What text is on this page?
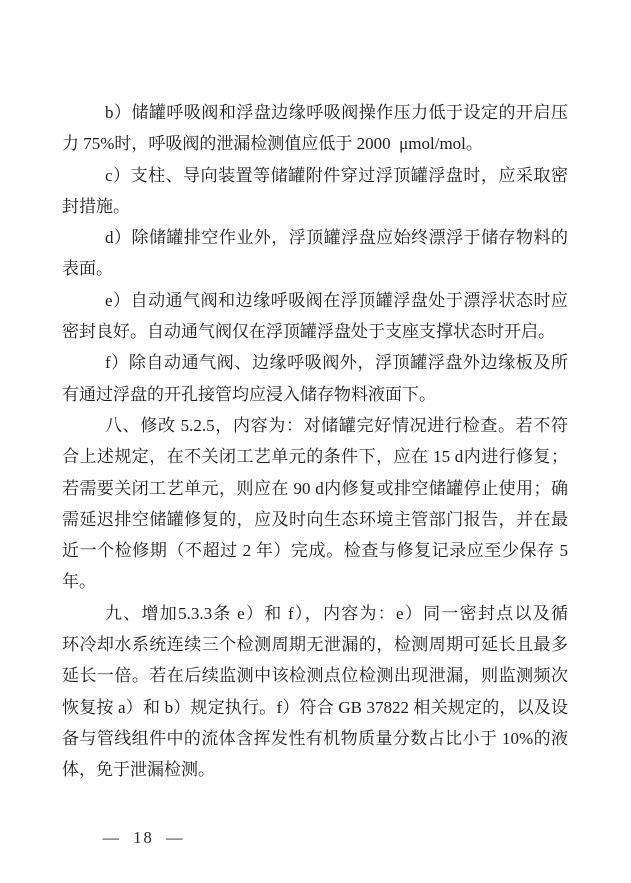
b）储罐呼吸阀和浮盘边缘呼吸阀操作压力低于设定的开启压
力 75%时，呼吸阀的泄漏检测值应低于 2000  μmol/mol。
c）支柱、导向装置等储罐附件穿过浮顶罐浮盘时，应采取密
封措施。
d）除储罐排空作业外，浮顶罐浮盘应始终漂浮于储存物料的
表面。
e）自动通气阀和边缘呼吸阀在浮顶罐浮盘处于漂浮状态时应
密封良好。自动通气阀仅在浮顶罐浮盘处于支座支撑状态时开启。
f）除自动通气阀、边缘呼吸阀外，浮顶罐浮盘外边缘板及所
有通过浮盘的开孔接管均应浸入储存物料液面下。
八、修改 5.2.5，内容为：对储罐完好情况进行检查。若不符
合上述规定，在不关闭工艺单元的条件下，应在 15 d内进行修复；
若需要关闭工艺单元，则应在 90 d内修复或排空储罐停止使用；确
需延迟排空储罐修复的，应及时向生态环境主管部门报告，并在最
近一个检修期（不超过 2 年）完成。检查与修复记录应至少保存 5
年。
九、增加5.3.3条 e）和 f），内容为：e）同一密封点以及循
环冷却水系统连续三个检测周期无泄漏的，检测周期可延长且最多
延长一倍。若在后续监测中该检测点位检测出现泄漏，则监测频次
恢复按 a）和 b）规定执行。f）符合 GB 37822 相关规定的，以及设
备与管线组件中的流体含挥发性有机物质量分数占比小于 10%的液
体，免于泄漏检测。

—  18  —
